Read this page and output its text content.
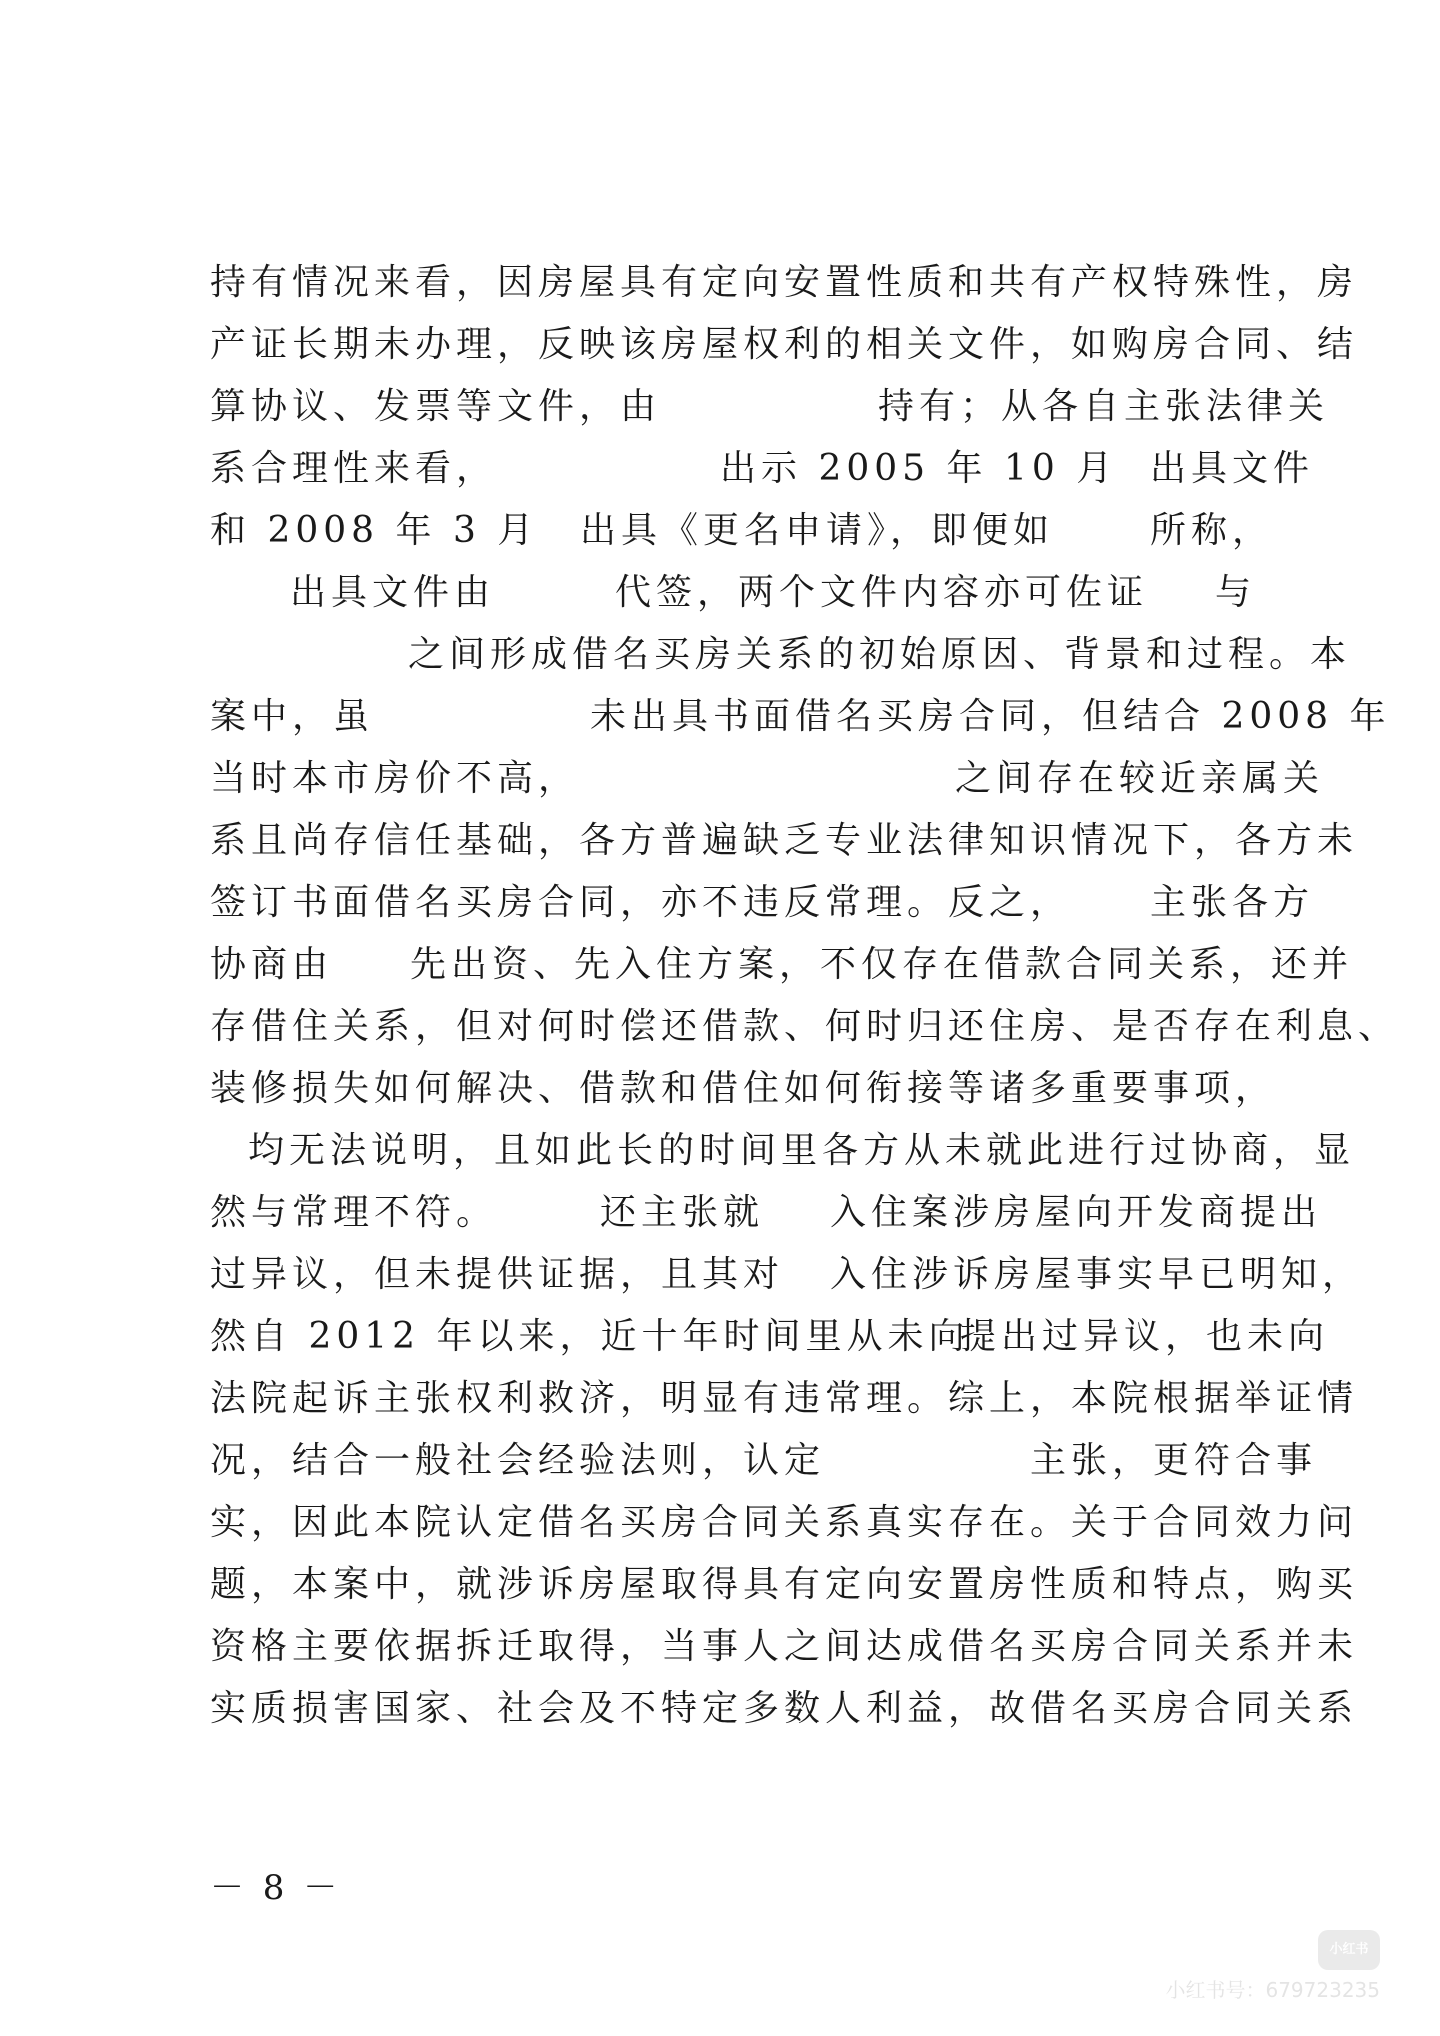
持有情况来看，因房屋具有定向安置性质和共有产权特殊性，房
产证长期未办理，反映该房屋权利的相关文件，如购房合同、结
算协议、发票等文件，由	持有；从各自主张法律关
系合理性来看，	出示 2005 年 10 月 出具文件
和 2008 年 3 月 出具《更名申请》，即便如	所称，
出具文件由	代签，两个文件内容亦可佐证 与
之间形成借名买房关系的初始原因、背景和过程。本
案中，虽	未出具书面借名买房合同，但结合 2008 年
当时本市房价不高，	之间存在较近亲属关
系且尚存信任基础，各方普遍缺乏专业法律知识情况下，各方未
签订书面借名买房合同，亦不违反常理。反之， 主张各方
协商由 先出资、先入住方案，不仅存在借款合同关系，还并
存借住关系，但对何时偿还借款、何时归还住房、是否存在利息、
装修损失如何解决、借款和借住如何衔接等诸多重要事项，
均无法说明，且如此长的时间里各方从未就此进行过协商，显
然与常理不符。	还主张就 入住案涉房屋向开发商提出
过异议，但未提供证据，且其对 入住涉诉房屋事实早已明知，
然自 2012 年以来，近十年时间里从未向
提出过异议，也未向
法院起诉主张权利救济，明显有违常理。综上，本院根据举证情
况，结合一般社会经验法则，认定	主张，更符合事
实，因此本院认定借名买房合同关系真实存在。关于合同效力问
题，本案中，就涉诉房屋取得具有定向安置房性质和特点，购买
资格主要依据拆迁取得，当事人之间达成借名买房合同关系并未
实质损害国家、社会及不特定多数人利益，故借名买房合同关系
－ 8 －
小红书
小红书号：679723235
